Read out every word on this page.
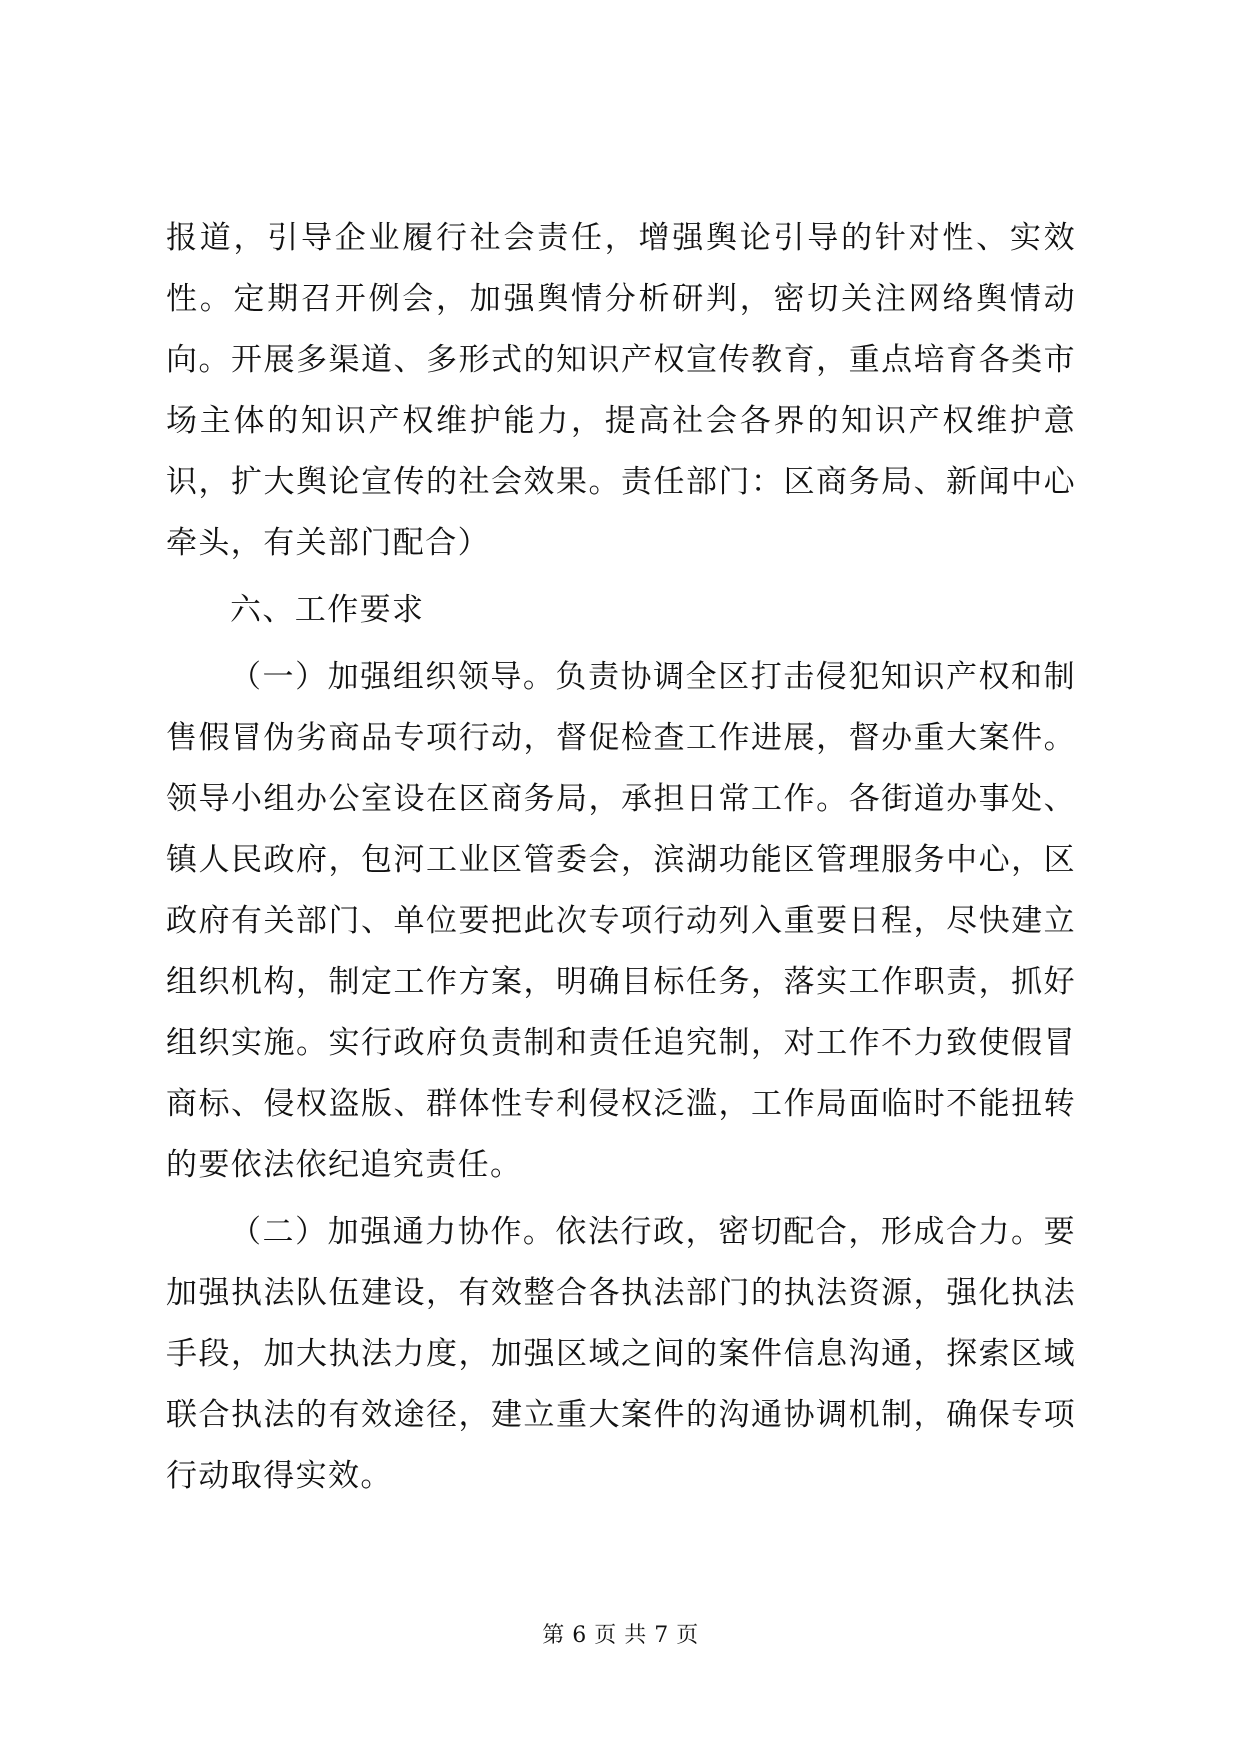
报道，引导企业履行社会责任，增强舆论引导的针对性、实效性。定期召开例会，加强舆情分析研判，密切关注网络舆情动向。开展多渠道、多形式的知识产权宣传教育，重点培育各类市场主体的知识产权维护能力，提高社会各界的知识产权维护意识，扩大舆论宣传的社会效果。责任部门：区商务局、新闻中心牵头，有关部门配合）

六、工作要求

（一）加强组织领导。负责协调全区打击侵犯知识产权和制售假冒伪劣商品专项行动，督促检查工作进展，督办重大案件。领导小组办公室设在区商务局，承担日常工作。各街道办事处、镇人民政府，包河工业区管委会，滨湖功能区管理服务中心，区政府有关部门、单位要把此次专项行动列入重要日程，尽快建立组织机构，制定工作方案，明确目标任务，落实工作职责，抓好组织实施。实行政府负责制和责任追究制，对工作不力致使假冒商标、侵权盗版、群体性专利侵权泛滥，工作局面临时不能扭转的要依法依纪追究责任。

（二）加强通力协作。依法行政，密切配合，形成合力。要加强执法队伍建设，有效整合各执法部门的执法资源，强化执法手段，加大执法力度，加强区域之间的案件信息沟通，探索区域联合执法的有效途径，建立重大案件的沟通协调机制，确保专项行动取得实效。

第 6 页 共 7 页
